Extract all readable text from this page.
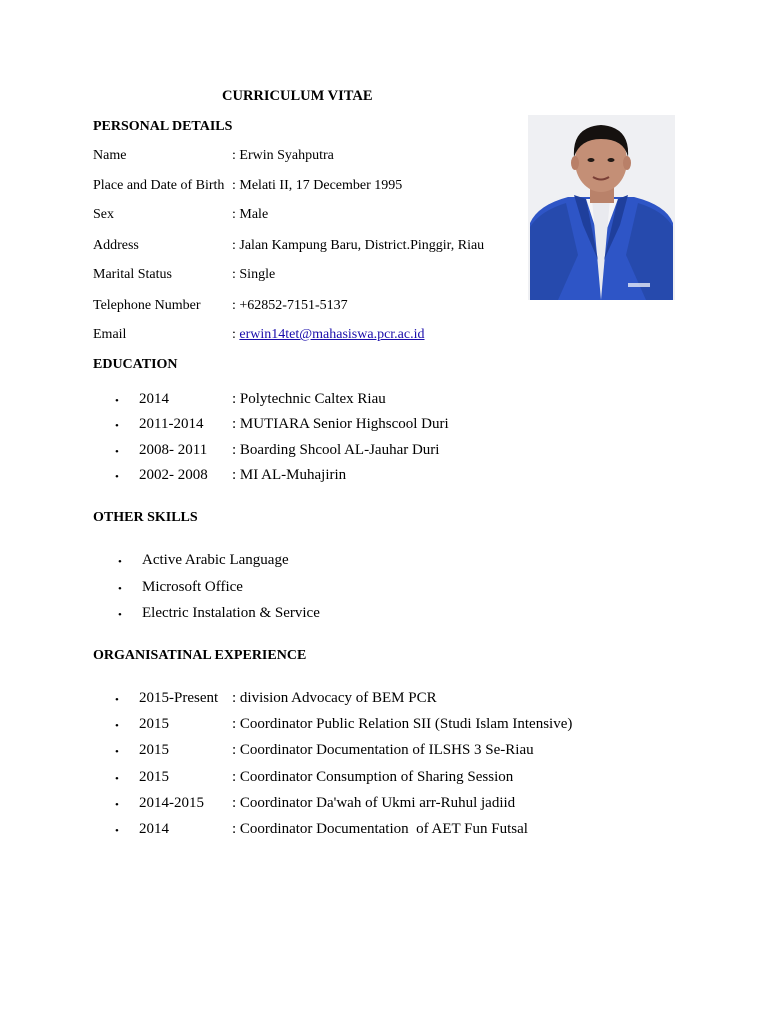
CURRICULUM VITAE
PERSONAL DETAILS
Name	: Erwin Syahputra
Place and Date of Birth : Melati II, 17 December 1995
Sex	: Male
Address	: Jalan Kampung Baru, District.Pinggir, Riau
Marital Status	: Single
Telephone Number : +62852-7151-5137
Email	: erwin14tet@mahasiswa.pcr.ac.id
EDUCATION
• 2014	: Polytechnic Caltex Riau
• 2011-2014 : MUTIARA Senior Highscool Duri
• 2008- 2011 : Boarding Shcool AL-Jauhar Duri
• 2002- 2008 : MI AL-Muhajirin
OTHER SKILLS
• Active Arabic Language
• Microsoft Office
• Electric Instalation & Service
ORGANISATINAL EXPERIENCE
• 2015-Present : division Advocacy of BEM PCR
• 2015	: Coordinator Public Relation SII (Studi Islam Intensive)
• 2015	: Coordinator Documentation of ILSHS 3 Se-Riau
• 2015	: Coordinator Consumption of Sharing Session
• 2014-2015 : Coordinator Da'wah of Ukmi arr-Ruhul jadiid
• 2014	: Coordinator Documentation  of AET Fun Futsal
